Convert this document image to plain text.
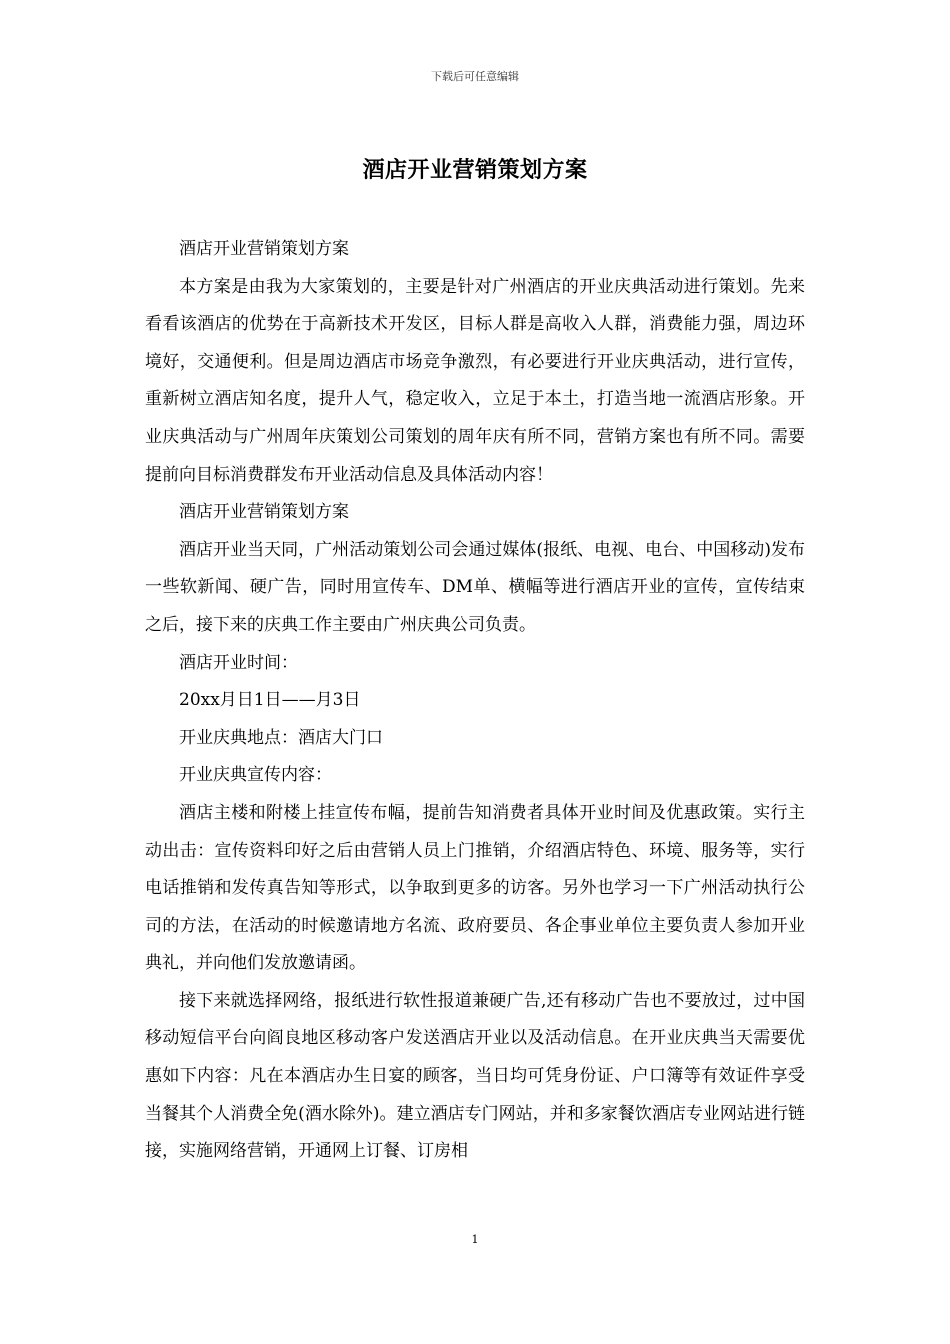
下载后可任意编辑
酒店开业营销策划方案

酒店开业营销策划方案

本方案是由我为大家策划的，主要是针对广州酒店的开业庆典活动进行策划。先来看看该酒店的优势在于高新技术开发区，目标人群是高收入人群，消费能力强，周边环境好，交通便利。但是周边酒店市场竞争激烈，有必要进行开业庆典活动，进行宣传，重新树立酒店知名度，提升人气，稳定收入，立足于本土，打造当地一流酒店形象。开业庆典活动与广州周年庆策划公司策划的周年庆有所不同，营销方案也有所不同。需要提前向目标消费群发布开业活动信息及具体活动内容！

酒店开业营销策划方案

酒店开业当天同，广州活动策划公司会通过媒体(报纸、电视、电台、中国移动)发布一些软新闻、硬广告，同时用宣传车、DM单、横幅等进行酒店开业的宣传，宣传结束之后，接下来的庆典工作主要由广州庆典公司负责。

酒店开业时间：

20xx月日1日——月3日

开业庆典地点：酒店大门口

开业庆典宣传内容：

酒店主楼和附楼上挂宣传布幅，提前告知消费者具体开业时间及优惠政策。实行主动出击：宣传资料印好之后由营销人员上门推销，介绍酒店特色、环境、服务等，实行电话推销和发传真告知等形式，以争取到更多的访客。另外也学习一下广州活动执行公司的方法，在活动的时候邀请地方名流、政府要员、各企事业单位主要负责人参加开业典礼，并向他们发放邀请函。

接下来就选择网络，报纸进行软性报道兼硬广告,还有移动广告也不要放过，过中国移动短信平台向阎良地区移动客户发送酒店开业以及活动信息。在开业庆典当天需要优惠如下内容：凡在本酒店办生日宴的顾客，当日均可凭身份证、户口簿等有效证件享受当餐其个人消费全免(酒水除外)。建立酒店专门网站，并和多家餐饮酒店专业网站进行链接，实施网络营销，开通网上订餐、订房相

1
